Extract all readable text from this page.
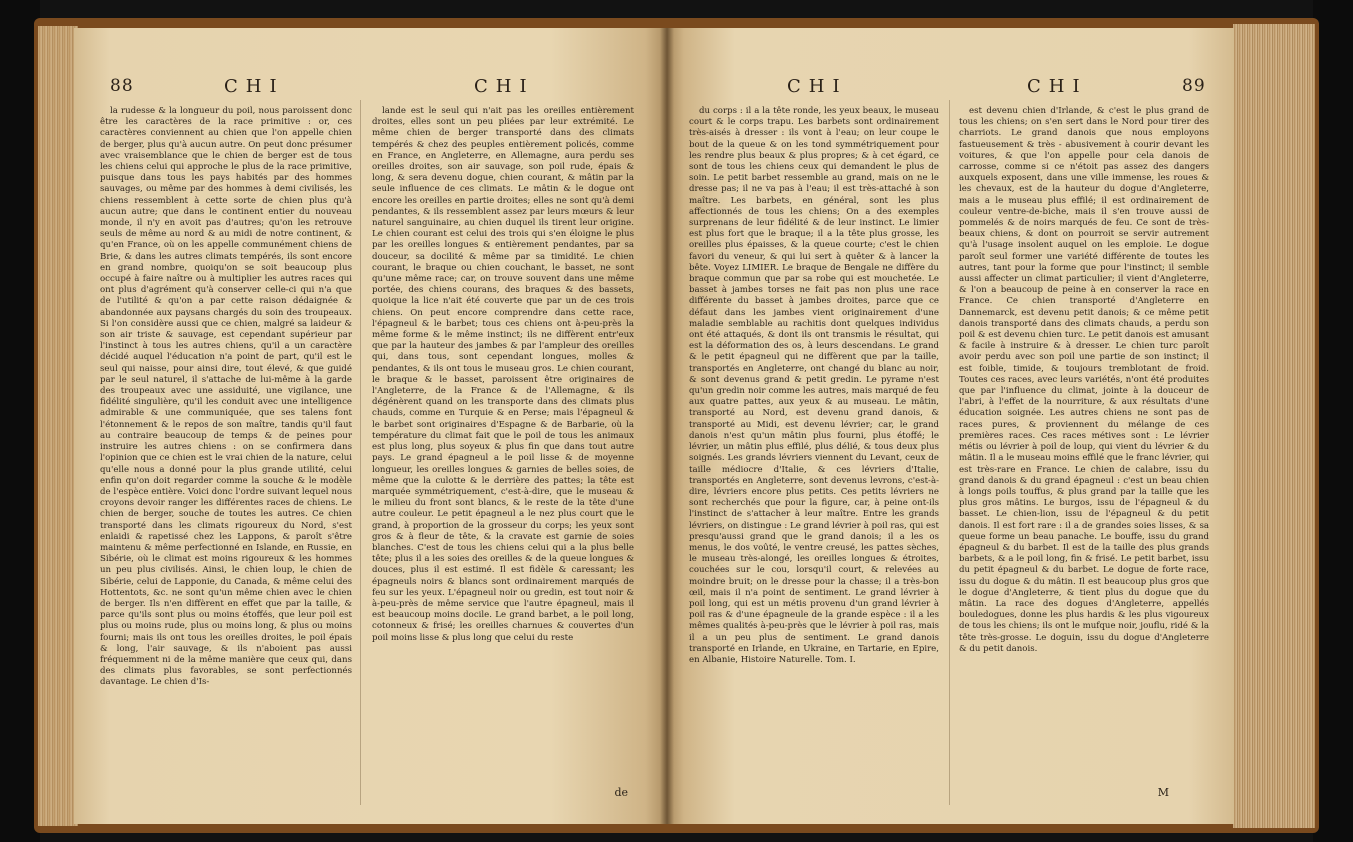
88	CHI	CHI

la rudesse & la longueur du poil, nous paroissent donc être les caractères de la race primitive : or, ces caractères conviennent au chien que l'on appelle chien de berger, plus qu'à aucun autre. On peut donc présumer avec vraisemblance que le chien de berger est de tous les chiens celui qui approche le plus de la race primitive, puisque dans tous les pays habités par des hommes sauvages, ou même par des hommes à demi civilisés, les chiens ressemblent à cette sorte de chien plus qu'à aucun autre; que dans le continent entier du nouveau monde, il n'y en avoit pas d'autres; qu'on les retrouve seuls de même au nord & au midi de notre continent, & qu'en France, où on les appelle communément chiens de Brie, & dans les autres climats tempérés, ils sont encore en grand nombre, quoiqu'on se soit beaucoup plus occupé à faire naître ou à multiplier les autres races qui ont plus d'agrément qu'à conserver celle-ci qui n'a que de l'utilité & qu'on a par cette raison dédaignée & abandonnée aux paysans chargés du soin des troupeaux. Si l'on considère aussi que ce chien, malgré sa laideur & son air triste & sauvage, est cependant supérieur par l'instinct à tous les autres chiens, qu'il a un caractère décidé auquel l'éducation n'a point de part, qu'il est le seul qui naisse, pour ainsi dire, tout élevé, & que guidé par le seul naturel, il s'attache de lui-même à la garde des troupeaux avec une assiduité, une vigilance, une fidélité singulière, qu'il les conduit avec une intelligence admirable & une communiquée, que ses talens font l'étonnement & le repos de son maître, tandis qu'il faut au contraire beaucoup de temps & de peines pour instruire les autres chiens : on se confirmera dans l'opinion que ce chien est le vrai chien de la nature, celui qu'elle nous a donné pour la plus grande utilité, celui enfin qu'on doit regarder comme la souche & le modèle de l'espèce entière. Voici donc l'ordre suivant lequel nous croyons devoir ranger les différentes races de chiens. Le chien de berger, souche de toutes les autres. Ce chien transporté dans les climats rigoureux du Nord, s'est enlaidi & rapetissé chez les Lappons, & paroît s'être maintenu & même perfectionné en Islande, en Russie, en Sibérie, où le climat est moins rigoureux & les hommes un peu plus civilisés. Ainsi, le chien loup, le chien de Sibérie, celui de Lapponie, du Canada, & même celui des Hottentots, &c. ne sont qu'un même chien avec le chien de berger. Ils n'en diffèrent en effet que par la taille, & parce qu'ils sont plus ou moins étoffés, que leur poil est plus ou moins rude, plus ou moins long, & plus ou moins fourni; mais ils ont tous les oreilles droites, le poil épais & long, l'air sauvage, & ils n'aboient pas aussi fréquemment ni de la même manière que ceux qui, dans des climats plus favorables, se sont perfectionnés davantage. Le chien d'Is-

lande est le seul qui n'ait pas les oreilles entièrement droites, elles sont un peu pliées par leur extrémité. Le même chien de berger transporté dans des climats tempérés & chez des peuples entièrement policés, comme en France, en Angleterre, en Allemagne, aura perdu ses oreilles droites, son air sauvage, son poil rude, épais & long, & sera devenu dogue, chien courant, & mâtin par la seule influence de ces climats. Le mâtin & le dogue ont encore les oreilles en partie droites; elles ne sont qu'à demi pendantes, & ils ressemblent assez par leurs mœurs & leur naturel sanguinaire, au chien duquel ils tirent leur origine. Le chien courant est celui des trois qui s'en éloigne le plus par les oreilles longues & entièrement pendantes, par sa douceur, sa docilité & même par sa timidité. Le chien courant, le braque ou chien couchant, le basset, ne sont qu'une même race; car, on trouve souvent dans une même portée, des chiens courans, des braques & des bassets, quoique la lice n'ait été couverte que par un de ces trois chiens. On peut encore comprendre dans cette race, l'épagneul & le barbet; tous ces chiens ont à-peu-près la même forme & le même instinct; ils ne diffèrent entr'eux que par la hauteur des jambes & par l'ampleur des oreilles qui, dans tous, sont cependant longues, molles & pendantes, & ils ont tous le museau gros. Le chien courant, le braque & le basset, paroissent être originaires de l'Angleterre, de la France & de l'Allemagne, & ils dégénèrent quand on les transporte dans des climats plus chauds, comme en Turquie & en Perse; mais l'épagneul & le barbet sont originaires d'Espagne & de Barbarie, où la température du climat fait que le poil de tous les animaux est plus long, plus soyeux & plus fin que dans tout autre pays. Le grand épagneul a le poil lisse & de moyenne longueur, les oreilles longues & garnies de belles soies, de même que la culotte & le derrière des pattes; la tête est marquée symmétriquement, c'est-à-dire, que le museau & le milieu du front sont blancs, & le reste de la tête d'une autre couleur. Le petit épagneul a le nez plus court que le grand, à proportion de la grosseur du corps; les yeux sont gros & à fleur de tête, & la cravate est garnie de soies blanches. C'est de tous les chiens celui qui a la plus belle tête; plus il a les soies des oreilles & de la queue longues & douces, plus il est estimé. Il est fidèle & caressant; les épagneuls noirs & blancs sont ordinairement marqués de feu sur les yeux. L'épagneul noir ou gredin, est tout noir & à-peu-près de même service que l'autre épagneul, mais il est beaucoup moins docile. Le grand barbet, a le poil long, cotonneux & frisé; les oreilles charnues & couvertes d'un poil moins lisse & plus long que celui du reste

de
CHI	CHI	89

du corps : il a la tête ronde, les yeux beaux, le museau court & le corps trapu. Les barbets sont ordinairement très-aisés à dresser : ils vont à l'eau; on leur coupe le bout de la queue & on les tond symmétriquement pour les rendre plus beaux & plus propres; & à cet égard, ce sont de tous les chiens ceux qui demandent le plus de soin. Le petit barbet ressemble au grand, mais on ne le dresse pas; il ne va pas à l'eau; il est très-attaché à son maître. Les barbets, en général, sont les plus affectionnés de tous les chiens; On a des exemples surprenans de leur fidélité & de leur instinct. Le limier est plus fort que le braque; il a la tête plus grosse, les oreilles plus épaisses, & la queue courte; c'est le chien favori du veneur, & qui lui sert à quêter & à lancer la bête. Voyez LIMIER. Le braque de Bengale ne diffère du braque commun que par sa robe qui est mouchetée. Le basset à jambes torses ne fait pas non plus une race différente du basset à jambes droites, parce que ce défaut dans les jambes vient originairement d'une maladie semblable au rachitis dont quelques individus ont été attaqués, & dont ils ont transmis le résultat, qui est la déformation des os, à leurs descendans. Le grand & le petit épagneul qui ne diffèrent que par la taille, transportés en Angleterre, ont changé du blanc au noir, & sont devenus grand & petit gredin. Le pyrame n'est qu'un gredin noir comme les autres, mais marqué de feu aux quatre pattes, aux yeux & au museau. Le mâtin, transporté au Nord, est devenu grand danois, & transporté au Midi, est devenu lévrier; car, le grand danois n'est qu'un mâtin plus fourni, plus étoffé; le lévrier, un mâtin plus effilé, plus délié, & tous deux plus soignés. Les grands lévriers viennent du Levant, ceux de taille médiocre d'Italie, & ces lévriers d'Italie, transportés en Angleterre, sont devenus levrons, c'est-à-dire, lévriers encore plus petits. Ces petits lévriers ne sont recherchés que pour la figure, car, à peine ont-ils l'instinct de s'attacher à leur maître. Entre les grands lévriers, on distingue : Le grand lévrier à poil ras, qui est presqu'aussi grand que le grand danois; il a les os menus, le dos voûté, le ventre creusé, les pattes sèches, le museau très-alongé, les oreilles longues & étroites, couchées sur le cou, lorsqu'il court, & relevées au moindre bruit; on le dresse pour la chasse; il a très-bon œil, mais il n'a point de sentiment. Le grand lévrier à poil long, qui est un métis provenu d'un grand lévrier à poil ras & d'une épagneule de la grande espèce : il a les mêmes qualités à-peu-près que le lévrier à poil ras, mais il a un peu plus de sentiment. Le grand danois transporté en Irlande, en Ukraine, en Tartarie, en Epire, en Albanie, Histoire Naturelle. Tom. I.

est devenu chien d'Irlande, & c'est le plus grand de tous les chiens; on s'en sert dans le Nord pour tirer des charriots. Le grand danois que nous employons fastueusement & très - abusivement à courir devant les voitures, & que l'on appelle pour cela danois de carrosse, comme si ce n'étoit pas assez des dangers auxquels exposent, dans une ville immense, les roues & les chevaux, est de la hauteur du dogue d'Angleterre, mais a le museau plus effilé; il est ordinairement de couleur ventre-de-biche, mais il s'en trouve aussi de pommelés & de noirs marqués de feu. Ce sont de très-beaux chiens, & dont on pourroit se servir autrement qu'à l'usage insolent auquel on les emploie. Le dogue paroît seul former une variété différente de toutes les autres, tant pour la forme que pour l'instinct; il semble aussi affecter un climat particulier; il vient d'Angleterre, & l'on a beaucoup de peine à en conserver la race en France. Ce chien transporté d'Angleterre en Dannemarck, est devenu petit danois; & ce même petit danois transporté dans des climats chauds, a perdu son poil & est devenu chien turc. Le petit danois est amusant & facile à instruire & à dresser. Le chien turc paroît avoir perdu avec son poil une partie de son instinct; il est foible, timide, & toujours tremblotant de froid. Toutes ces races, avec leurs variétés, n'ont été produites que par l'influence du climat, jointe à la douceur de l'abri, à l'effet de la nourriture, & aux résultats d'une éducation soignée. Les autres chiens ne sont pas de races pures, & proviennent du mélange de ces premières races. Ces races métives sont : Le lévrier métis ou lévrier à poil de loup, qui vient du lévrier & du mâtin. Il a le museau moins effilé que le franc lévrier, qui est très-rare en France. Le chien de calabre, issu du grand danois & du grand épagneul : c'est un beau chien à longs poils touffus, & plus grand par la taille que les plus gros mâtins. Le burgos, issu de l'épagneul & du basset. Le chien-lion, issu de l'épagneul & du petit danois. Il est fort rare : il a de grandes soies lisses, & sa queue forme un beau panache. Le bouffe, issu du grand épagneul & du barbet. Il est de la taille des plus grands barbets, & a le poil long, fin & frisé. Le petit barbet, issu du petit épagneul & du barbet. Le dogue de forte race, issu du dogue & du mâtin. Il est beaucoup plus gros que le dogue d'Angleterre, & tient plus du dogue que du mâtin. La race des dogues d'Angleterre, appellés bouledogues, donne les plus hardis & les plus vigoureux de tous les chiens; ils ont le mufque noir, jouflu, ridé & la tête très-grosse. Le doguin, issu du dogue d'Angleterre & du petit danois.

M
